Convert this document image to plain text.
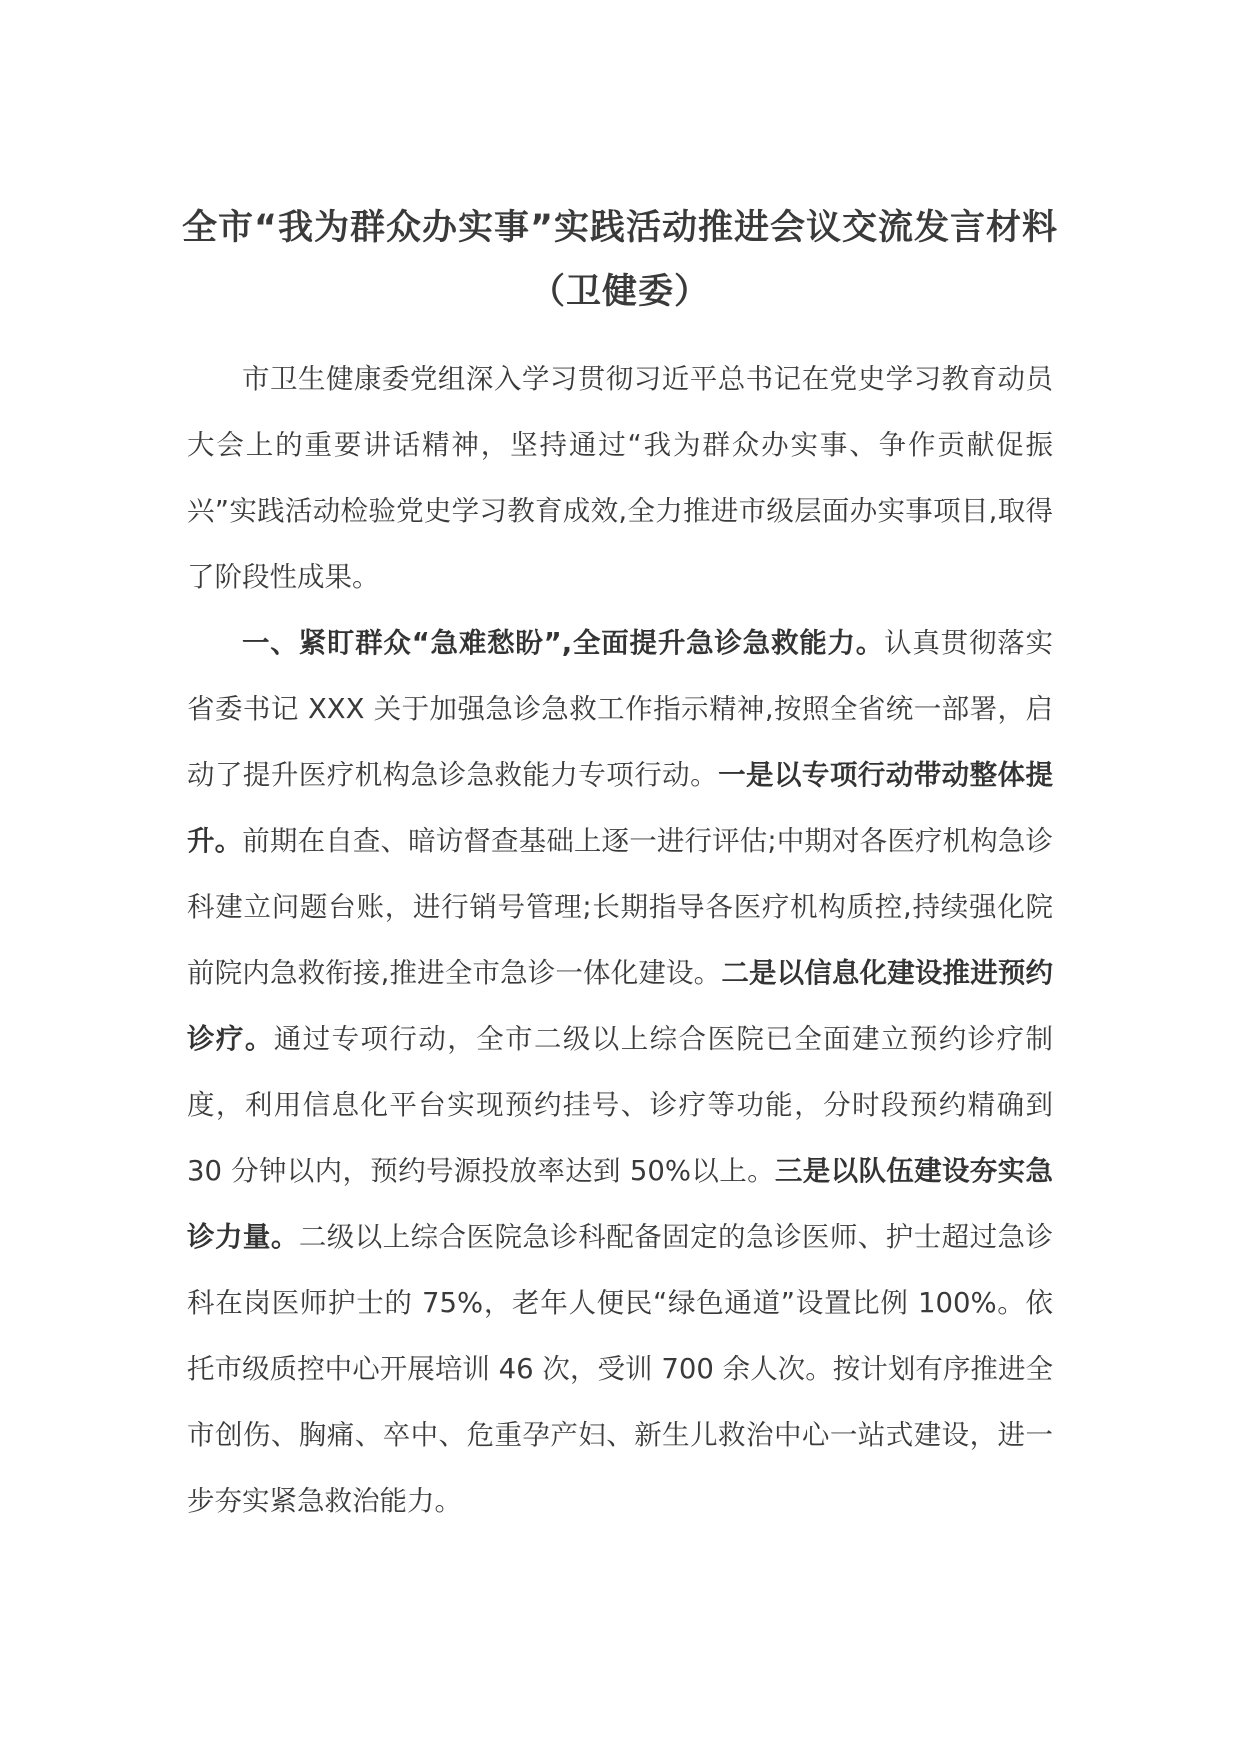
全市“我为群众办实事”实践活动推进会议交流发言材料
（卫健委）

市卫生健康委党组深入学习贯彻习近平总书记在党史学习教育动员大会上的重要讲话精神，坚持通过“我为群众办实事、争作贡献促振兴”实践活动检验党史学习教育成效,全力推进市级层面办实事项目,取得了阶段性成果。

一、紧盯群众“急难愁盼”,全面提升急诊急救能力。认真贯彻落实省委书记 XXX 关于加强急诊急救工作指示精神,按照全省统一部署，启动了提升医疗机构急诊急救能力专项行动。一是以专项行动带动整体提升。前期在自查、暗访督查基础上逐一进行评估;中期对各医疗机构急诊科建立问题台账，进行销号管理;长期指导各医疗机构质控,持续强化院前院内急救衔接,推进全市急诊一体化建设。二是以信息化建设推进预约诊疗。通过专项行动，全市二级以上综合医院已全面建立预约诊疗制度，利用信息化平台实现预约挂号、诊疗等功能，分时段预约精确到 30 分钟以内，预约号源投放率达到 50%以上。三是以队伍建设夯实急诊力量。二级以上综合医院急诊科配备固定的急诊医师、护士超过急诊科在岗医师护士的 75%，老年人便民“绿色通道”设置比例 100%。依托市级质控中心开展培训 46 次，受训 700 余人次。按计划有序推进全市创伤、胸痛、卒中、危重孕产妇、新生儿救治中心一站式建设，进一步夯实紧急救治能力。
